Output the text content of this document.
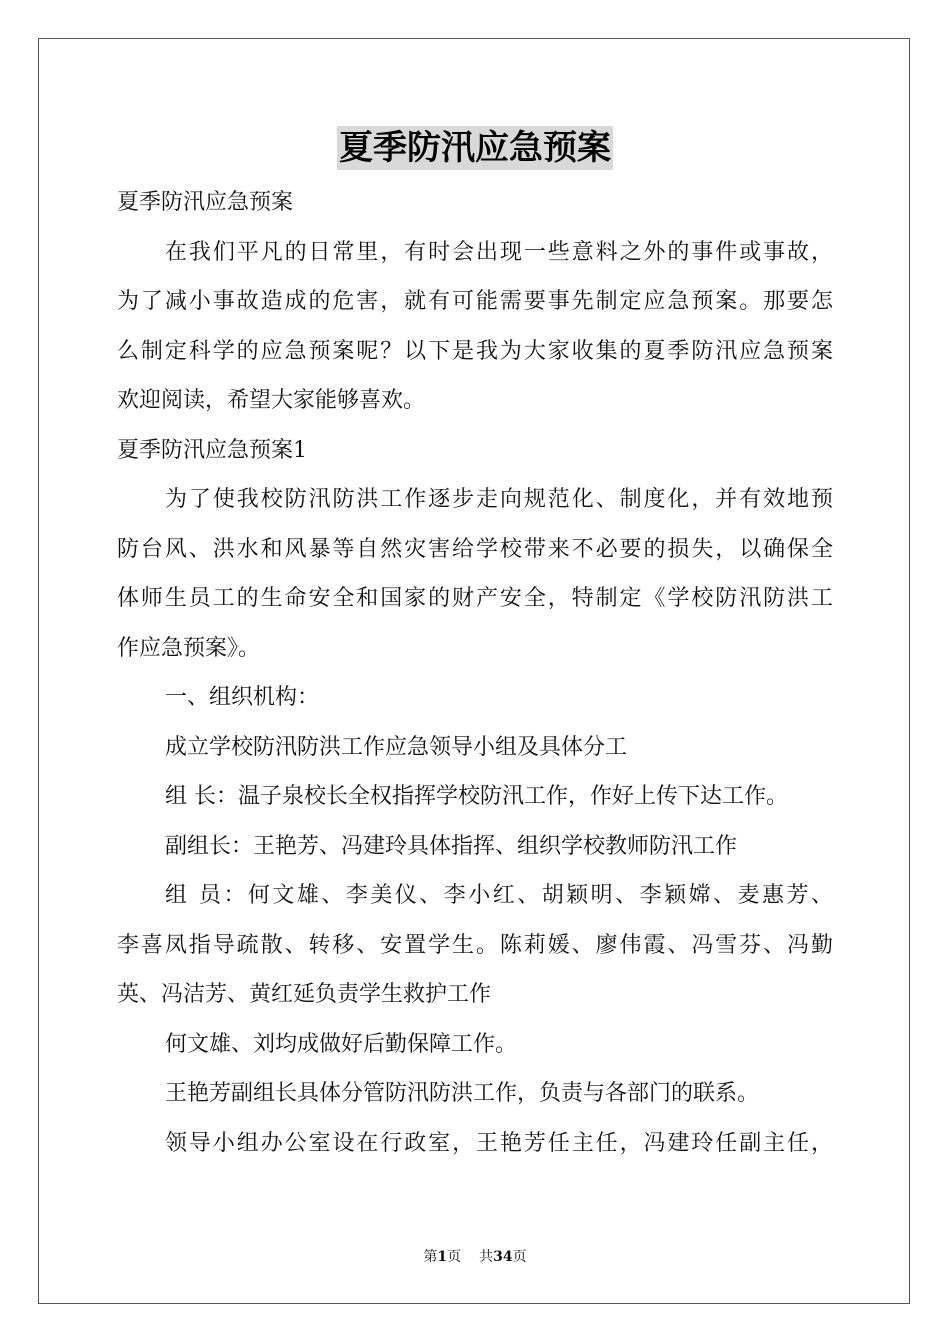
夏季防汛应急预案
夏季防汛应急预案
在我们平凡的日常里，有时会出现一些意料之外的事件或事故，
为了减小事故造成的危害，就有可能需要事先制定应急预案。那要怎
么制定科学的应急预案呢？以下是我为大家收集的夏季防汛应急预案
欢迎阅读，希望大家能够喜欢。
夏季防汛应急预案1
为了使我校防汛防洪工作逐步走向规范化、制度化，并有效地预
防台风、洪水和风暴等自然灾害给学校带来不必要的损失，以确保全
体师生员工的生命安全和国家的财产安全，特制定《学校防汛防洪工
作应急预案》。
一、组织机构：
成立学校防汛防洪工作应急领导小组及具体分工
组 长：温子泉校长全权指挥学校防汛工作，作好上传下达工作。
副组长：王艳芳、冯建玲具体指挥、组织学校教师防汛工作
组 员：何文雄、李美仪、李小红、胡颖明、李颖嫦、麦惠芳、
李喜凤指导疏散、转移、安置学生。陈莉媛、廖伟霞、冯雪芬、冯勤
英、冯洁芳、黄红延负责学生救护工作
何文雄、刘均成做好后勤保障工作。
王艳芳副组长具体分管防汛防洪工作，负责与各部门的联系。
领导小组办公室设在行政室，王艳芳任主任，冯建玲任副主任，
第1页 共34页
